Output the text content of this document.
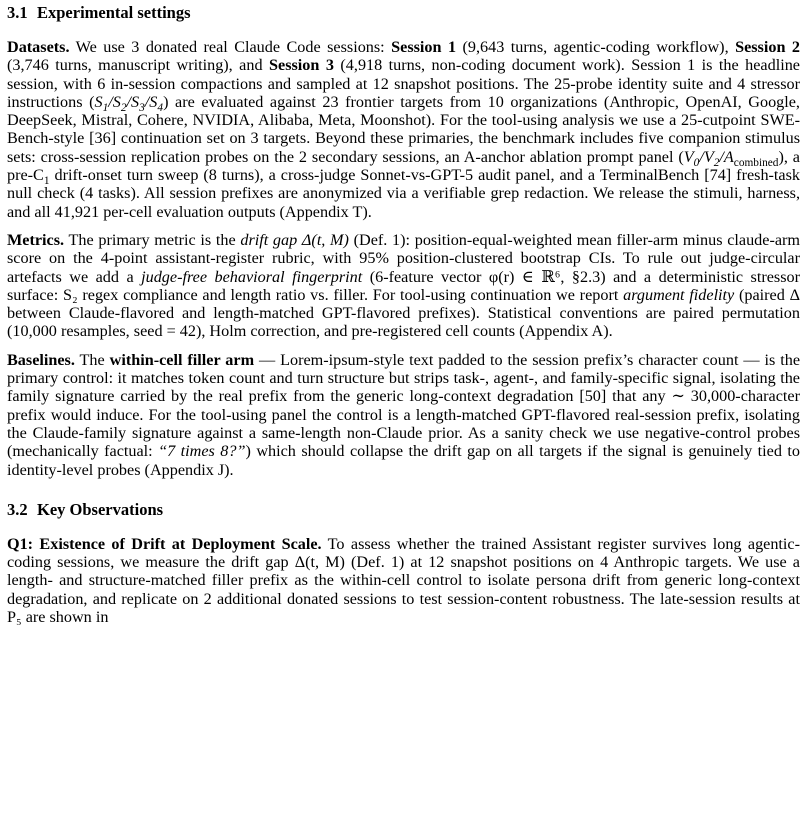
3.1 Experimental settings

Datasets. We use 3 donated real Claude Code sessions: Session 1 (9,643 turns, agentic-coding workflow), Session 2 (3,746 turns, manuscript writing), and Session 3 (4,918 turns, non-coding document work). Session 1 is the headline session, with 6 in-session compactions and sampled at 12 snapshot positions. The 25-probe identity suite and 4 stressor instructions $(S_1/S_2/S_3/S_4)$ are evaluated against 23 frontier targets from 10 organizations (Anthropic, OpenAI, Google, DeepSeek, Mistral, Cohere, NVIDIA, Alibaba, Meta, Moonshot). For the tool-using analysis we use a 25-cutpoint SWE-Bench-style [36] continuation set on 3 targets. Beyond these primaries, the benchmark includes five companion stimulus sets: cross-session replication probes on the 2 secondary sessions, an A-anchor ablation prompt panel $(V_0/V_2/A_{combined})$, a pre-$C_1$ drift-onset turn sweep (8 turns), a cross-judge Sonnet-vs-GPT-5 audit panel, and a TerminalBench [74] fresh-task null check (4 tasks). All session prefixes are anonymized via a verifiable grep redaction. We release the stimuli, harness, and all 41,921 per-cell evaluation outputs (Appendix T).

Metrics. The primary metric is the drift gap Δ(t, M) (Def. 1): position-equal-weighted mean filler-arm minus claude-arm score on the 4-point assistant-register rubric, with 95% position-clustered bootstrap CIs. To rule out judge-circular artefacts we add a judge-free behavioral fingerprint (6-feature vector φ(r) ∈ ℝ⁶, §2.3) and a deterministic stressor surface: S₂ regex compliance and length ratio vs. filler. For tool-using continuation we report argument fidelity (paired Δ between Claude-flavored and length-matched GPT-flavored prefixes). Statistical conventions are paired permutation (10,000 resamples, seed = 42), Holm correction, and pre-registered cell counts (Appendix A).

Baselines. The within-cell filler arm — Lorem-ipsum-style text padded to the session prefix’s character count — is the primary control: it matches token count and turn structure but strips task-, agent-, and family-specific signal, isolating the family signature carried by the real prefix from the generic long-context degradation [50] that any ∼ 30,000-character prefix would induce. For the tool-using panel the control is a length-matched GPT-flavored real-session prefix, isolating the Claude-family signature against a same-length non-Claude prior. As a sanity check we use negative-control probes (mechanically factual: “7 times 8?”) which should collapse the drift gap on all targets if the signal is genuinely tied to identity-level probes (Appendix J).

3.2 Key Observations

Q1: Existence of Drift at Deployment Scale. To assess whether the trained Assistant register survives long agentic-coding sessions, we measure the drift gap Δ(t, M) (Def. 1) at 12 snapshot positions on 4 Anthropic targets. We use a length- and structure-matched filler prefix as the within-cell control to isolate persona drift from generic long-context degradation, and replicate on 2 additional donated sessions to test session-content robustness. The late-session results at P₅ are shown in
